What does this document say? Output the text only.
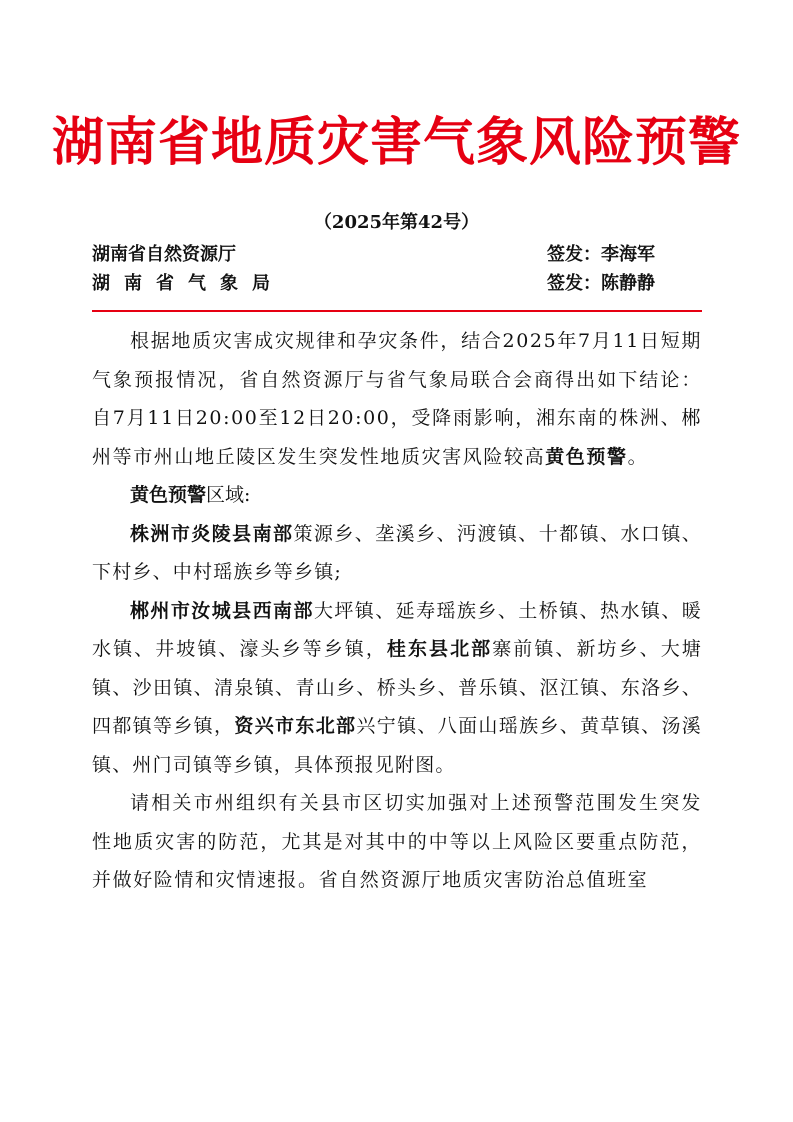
湖南省地质灾害气象风险预警
（2025年第42号）
湖南省自然资源厅	签发：李海军
湖南省气象局	签发：陈静静

根据地质灾害成灾规律和孕灾条件，结合2025年7月11日短期气象预报情况，省自然资源厅与省气象局联合会商得出如下结论：自7月11日20:00至12日20:00，受降雨影响，湘东南的株洲、郴州等市州山地丘陵区发生突发性地质灾害风险较高黄色预警。

黄色预警区域:

株洲市炎陵县南部策源乡、垄溪乡、沔渡镇、十都镇、水口镇、下村乡、中村瑶族乡等乡镇;

郴州市汝城县西南部大坪镇、延寿瑶族乡、土桥镇、热水镇、暖水镇、井坡镇、濠头乡等乡镇，桂东县北部寨前镇、新坊乡、大塘镇、沙田镇、清泉镇、青山乡、桥头乡、普乐镇、沤江镇、东洛乡、四都镇等乡镇，资兴市东北部兴宁镇、八面山瑶族乡、黄草镇、汤溪镇、州门司镇等乡镇，具体预报见附图。

请相关市州组织有关县市区切实加强对上述预警范围发生突发性地质灾害的防范，尤其是对其中的中等以上风险区要重点防范，并做好险情和灾情速报。省自然资源厅地质灾害防治总值班室
